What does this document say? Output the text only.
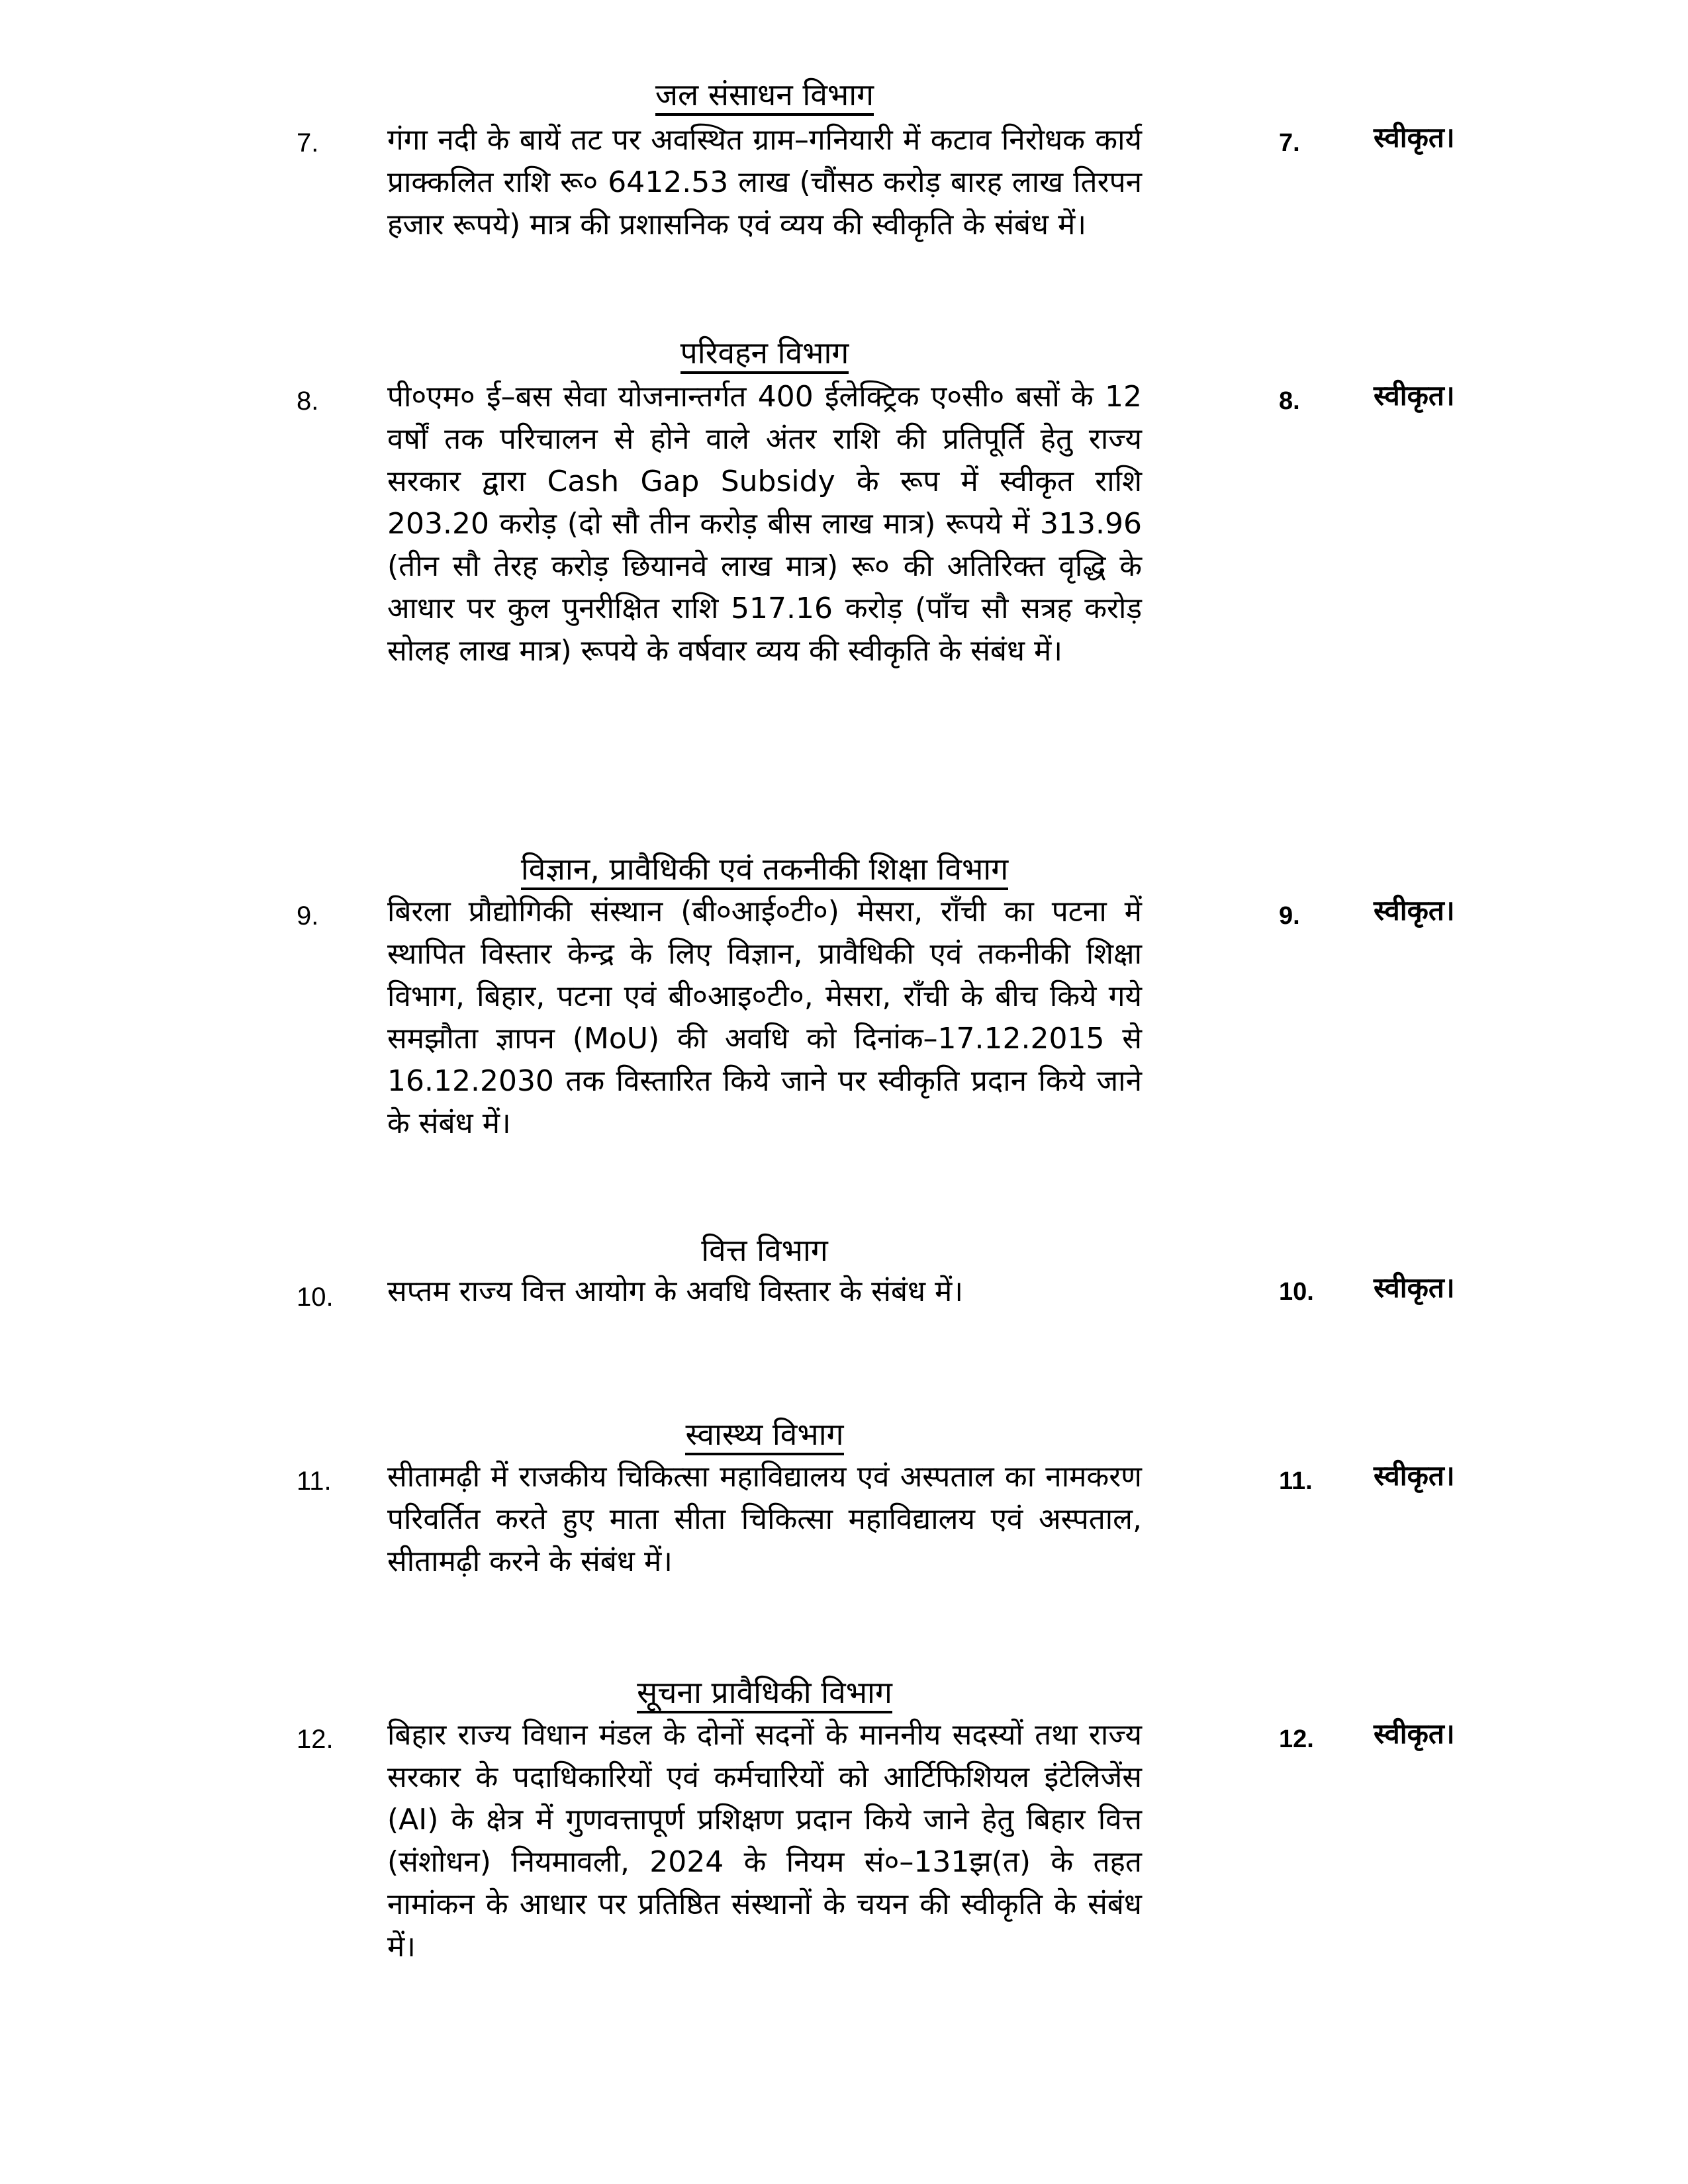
जल संसाधन विभाग
7. गंगा नदी के बायें तट पर अवस्थित ग्राम–गनियारी में कटाव निरोधक कार्य प्राक्कलित राशि रू० 6412.53 लाख (चौंसठ करोड़ बारह लाख तिरपन हजार रूपये) मात्र की प्रशासनिक एवं व्यय की स्वीकृति के संबंध में।
7.	स्वीकृत।
परिवहन विभाग
8. पी०एम० ई–बस सेवा योजनान्तर्गत 400 ईलेक्ट्रिक ए०सी० बसों के 12 वर्षों तक परिचालन से होने वाले अंतर राशि की प्रतिपूर्ति हेतु राज्य सरकार द्वारा Cash Gap Subsidy के रूप में स्वीकृत राशि 203.20 करोड़ (दो सौ तीन करोड़ बीस लाख मात्र) रूपये में 313.96 (तीन सौ तेरह करोड़ छियानवे लाख मात्र) रू० की अतिरिक्त वृद्धि के आधार पर कुल पुनरीक्षित राशि 517.16 करोड़ (पाँच सौ सत्रह करोड़ सोलह लाख मात्र) रूपये के वर्षवार व्यय की स्वीकृति के संबंध में।
8.	स्वीकृत।
विज्ञान, प्रावैधिकी एवं तकनीकी शिक्षा विभाग
9. बिरला प्रौद्योगिकी संस्थान (बी०आई०टी०) मेसरा, राँची का पटना में स्थापित विस्तार केन्द्र के लिए विज्ञान, प्रावैधिकी एवं तकनीकी शिक्षा विभाग, बिहार, पटना एवं बी०आइ०टी०, मेसरा, राँची के बीच किये गये समझौता ज्ञापन (MoU) की अवधि को दिनांक–17.12.2015 से 16.12.2030 तक विस्तारित किये जाने पर स्वीकृति प्रदान किये जाने के संबंध में।
9.	स्वीकृत।
वित्त विभाग
10. सप्तम राज्य वित्त आयोग के अवधि विस्तार के संबंध में।	10. स्वीकृत।
स्वास्थ्य विभाग
11. सीतामढ़ी में राजकीय चिकित्सा महाविद्यालय एवं अस्पताल का नामकरण परिवर्तित करते हुए माता सीता चिकित्सा महाविद्यालय एवं अस्पताल, सीतामढ़ी करने के संबंध में।
11. स्वीकृत।
सूचना प्रावैधिकी विभाग
12. बिहार राज्य विधान मंडल के दोनों सदनों के माननीय सदस्यों तथा राज्य सरकार के पदाधिकारियों एवं कर्मचारियों को आर्टिफिशियल इंटेलिजेंस (AI) के क्षेत्र में गुणवत्तापूर्ण प्रशिक्षण प्रदान किये जाने हेतु बिहार वित्त (संशोधन) नियमावली, 2024 के नियम सं०–131झ(त) के तहत नामांकन के आधार पर प्रतिष्ठित संस्थानों के चयन की स्वीकृति के संबंध में।
12. स्वीकृत।
